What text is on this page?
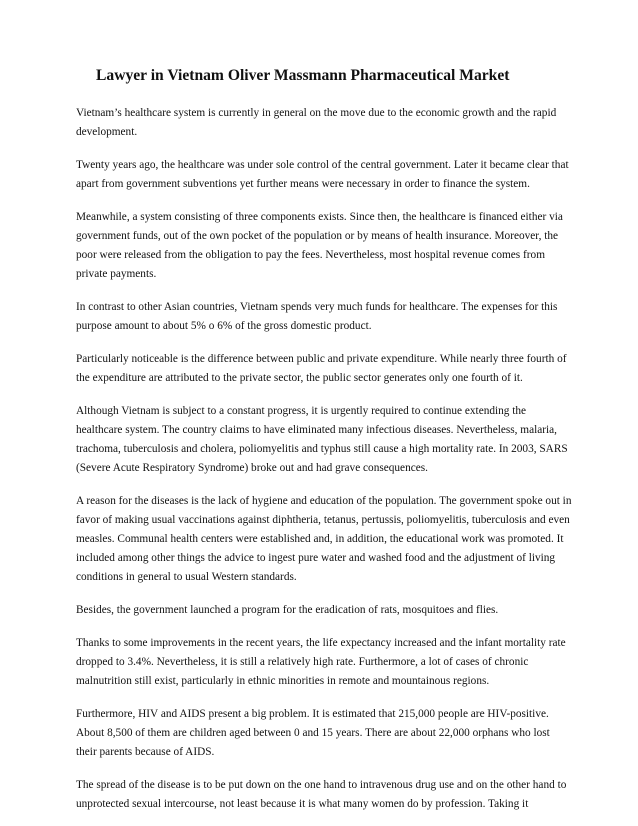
Lawyer in Vietnam Oliver Massmann Pharmaceutical Market

Vietnam’s healthcare system is currently in general on the move due to the economic growth and the rapid development.

Twenty years ago, the healthcare was under sole control of the central government. Later it became clear that apart from government subventions yet further means were necessary in order to finance the system.

Meanwhile, a system consisting of three components exists. Since then, the healthcare is financed either via government funds, out of the own pocket of the population or by means of health insurance. Moreover, the poor were released from the obligation to pay the fees. Nevertheless, most hospital revenue comes from private payments.

In contrast to other Asian countries, Vietnam spends very much funds for healthcare. The expenses for this purpose amount to about 5% o 6% of the gross domestic product.

Particularly noticeable is the difference between public and private expenditure. While nearly three fourth of the expenditure are attributed to the private sector, the public sector generates only one fourth of it.

Although Vietnam is subject to a constant progress, it is urgently required to continue extending the healthcare system. The country claims to have eliminated many infectious diseases. Nevertheless, malaria, trachoma, tuberculosis and cholera, poliomyelitis and typhus still cause a high mortality rate. In 2003, SARS (Severe Acute Respiratory Syndrome) broke out and had grave consequences.

A reason for the diseases is the lack of hygiene and education of the population. The government spoke out in favor of making usual vaccinations against diphtheria, tetanus, pertussis, poliomyelitis, tuberculosis and even measles. Communal health centers were established and, in addition, the educational work was promoted. It included among other things the advice to ingest pure water and washed food and the adjustment of living conditions in general to usual Western standards.

Besides, the government launched a program for the eradication of rats, mosquitoes and flies.

Thanks to some improvements in the recent years, the life expectancy increased and the infant mortality rate dropped to 3.4%. Nevertheless, it is still a relatively high rate. Furthermore, a lot of cases of chronic malnutrition still exist, particularly in ethnic minorities in remote and mountainous regions.

Furthermore, HIV and AIDS present a big problem. It is estimated that 215,000 people are HIV-positive. About 8,500 of them are children aged between 0 and 15 years. There are about 22,000 orphans who lost their parents because of AIDS.

The spread of the disease is to be put down on the one hand to intravenous drug use and on the other hand to unprotected sexual intercourse, not least because it is what many women do by profession. Taking it
